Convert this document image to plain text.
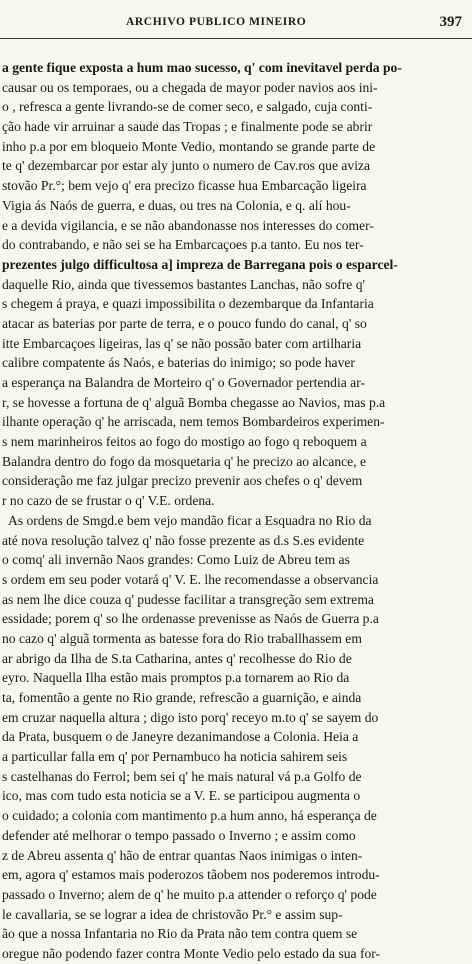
ARCHIVO PUBLICO MINEIRO	397
a gente fique exposta a hum mao sucesso, q' com inevitavel perda po-
causar ou os temporaes, ou a chegada de mayor poder navios aos ini-
o , refresca a gente livrando-se de comer seco, e salgado, cuja conti-
ção hade vir arruinar a saude das Tropas ; e finalmente pode se abrir
inho p.a por em bloqueio Monte Vedio, montando se grande parte de
te q' dezembarcar por estar aly junto o numero de Cav.ros que aviza
stovão Pr.°; bem vejo q' era precizo ficasse hua Embarcação ligeira
Vigia ás Naós de guerra, e duas, ou tres na Colonia, e q. alí hou-
e a devida vigilancia, e se não abandonasse nos interesses do comer-
do contrabando, e não sei se ha Embarcaçoes p.a tanto. Eu nos ter-
prezentes julgo difficultosa a] impreza de Barregana pois o esparcel-
daquelle Rio, ainda que tivessemos bastantes Lanchas, não sofre q'
s chegem á praya, e quazi impossibilita o dezembarque da Infantaria
atacar as baterias por parte de terra, e o pouco fundo do canal, q' so
itte Embarcaçoes ligeiras, las q' se não possão bater com artilharia
calibre compatente ás Naós, e baterias do inimigo; so pode haver
a esperança na Balandra de Morteiro q' o Governador pertendia ar-
r, se hovesse a fortuna de q' alguã Bomba chegasse ao Navios, mas p.a
ilhante operação q' he arriscada, nem temos Bombardeiros experimen-
s nem marinheiros feitos ao fogo do mostigo ao fogo q reboquem a
Balandra dentro do fogo da mosquetaria q' he precizo ao alcance, e
consideração me faz julgar precizo prevenir aos chefes o q' devem
r no cazo de se frustar o q' V.E. ordena.
As ordens de Smgd.e bem vejo mandão ficar a Esquadra no Rio da
até nova resolução talvez q' não fosse prezente as d.s S.es evidente
o comq' ali invernão Naos grandes: Como Luiz de Abreu tem as
s ordem em seu poder votará q' V. E. lhe recomendasse a observancia
as nem lhe dice couza q' pudesse facilitar a transgreção sem extrema
essidade; porem q' so lhe ordenasse prevenisse as Naós de Guerra p.a
no cazo q' alguã tormenta as batesse fora do Rio traballhassem em
ar abrigo da Ilha de S.ta Catharina, antes q' recolhesse do Rio de
eyro. Naquella Ilha estão mais promptos p.a tornarem ao Rio da
ta, fomentão a gente no Rio grande, refrescão a guarnição, e ainda
em cruzar naquella altura ; digo isto porq' receyo m.to q' se sayem do
da Prata, busquem o de Janeyre dezanimandose a Colonia. Heia a
a particullar falla em q' por Pernambuco ha noticia sahirem seis
s castelhanas do Ferrol; bem sei q' he mais natural vá p.a Golfo de
ico, mas com tudo esta noticia se a V. E. se participou augmenta o
o cuidado; a colonia com mantimento p.a hum anno, há esperança de
defender até melhorar o tempo passado o Inverno ; e assim como
z de Abreu assenta q' hão de entrar quantas Naos inimigas o inten-
em, agora q' estamos mais poderozos tãobem nos poderemos introdu-
passado o Inverno; alem de q' he muito p.a attender o reforço q' pode
le cavallaria, se se lograr a idea de christovão Pr.° e assim sup-
ão que a nossa Infantaria no Rio da Prata não tem contra quem se
oregue não podendo fazer contra Monte Vedio pelo estado da sua for-
